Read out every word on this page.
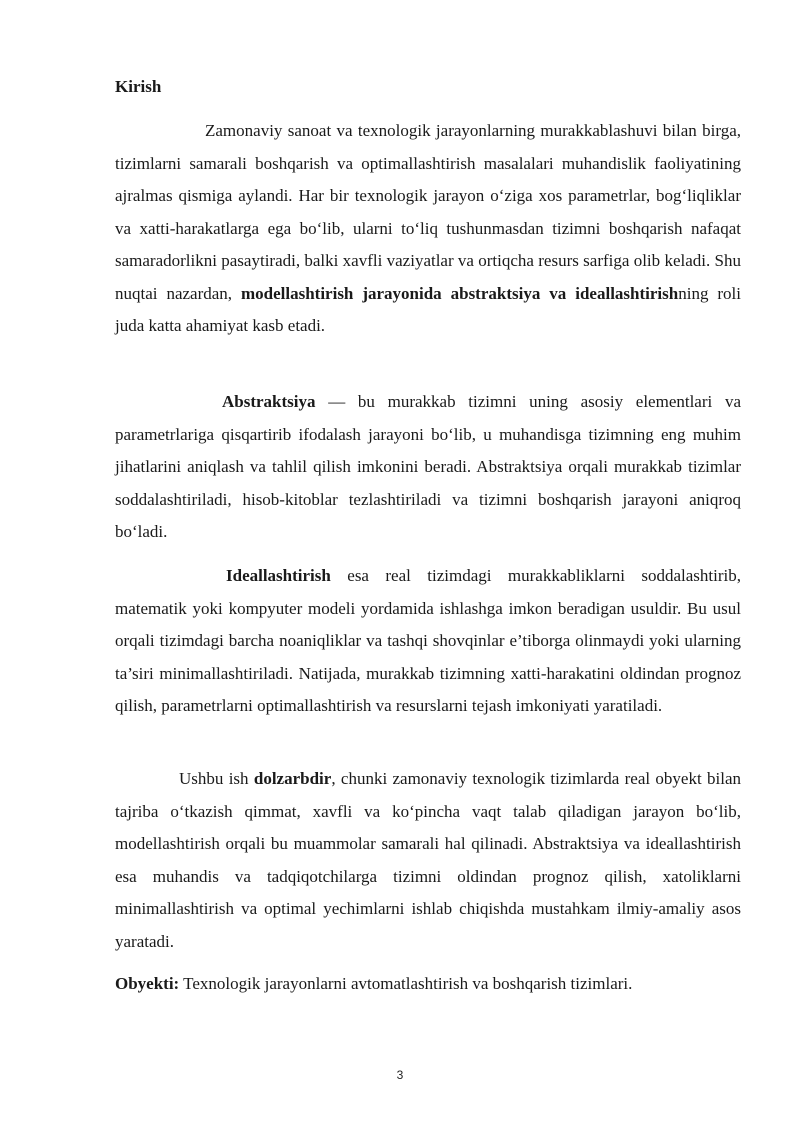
Kirish

Zamonaviy sanoat va texnologik jarayonlarning murakkablashuvi bilan birga, tizimlarni samarali boshqarish va optimallashtirish masalalari muhandislik faoliyatining ajralmas qismiga aylandi. Har bir texnologik jarayon o‘ziga xos parametrlar, bog‘liqliklar va xatti-harakatlarga ega bo‘lib, ularni to‘liq tushunmasdan tizimni boshqarish nafaqat samaradorlikni pasaytiradi, balki xavfli vaziyatlar va ortiqcha resurs sarfiga olib keladi. Shu nuqtai nazardan, modellashtirish jarayonida abstraktsiya va ideallashtirishning roli juda katta ahamiyat kasb etadi.

Abstraktsiya — bu murakkab tizimni uning asosiy elementlari va parametrlariga qisqartirib ifodalash jarayoni bo‘lib, u muhandisga tizimning eng muhim jihatlarini aniqlash va tahlil qilish imkonini beradi. Abstraktsiya orqali murakkab tizimlar soddalashtiriladi, hisob-kitoblar tezlashtiriladi va tizimni boshqarish jarayoni aniqroq bo‘ladi.

Ideallashtirish esa real tizimdagi murakkabliklarni soddalashtirib, matematik yoki kompyuter modeli yordamida ishlashga imkon beradigan usuldir. Bu usul orqali tizimdagi barcha noaniqliklar va tashqi shovqinlar e’tiborga olinmaydi yoki ularning ta’siri minimallashtiriladi. Natijada, murakkab tizimning xatti-harakatini oldindan prognoz qilish, parametrlarni optimallashtirish va resurslarni tejash imkoniyati yaratiladi.

Ushbu ish dolzarbdir, chunki zamonaviy texnologik tizimlarda real obyekt bilan tajriba o‘tkazish qimmat, xavfli va ko‘pincha vaqt talab qiladigan jarayon bo‘lib, modellashtirish orqali bu muammolar samarali hal qilinadi. Abstraktsiya va ideallashtirish esa muhandis va tadqiqotchilarga tizimni oldindan prognoz qilish, xatoliklarni minimallashtirish va optimal yechimlarni ishlab chiqishda mustahkam ilmiy-amaliy asos yaratadi.

Obyekti: Texnologik jarayonlarni avtomatlashtirish va boshqarish tizimlari.

3
